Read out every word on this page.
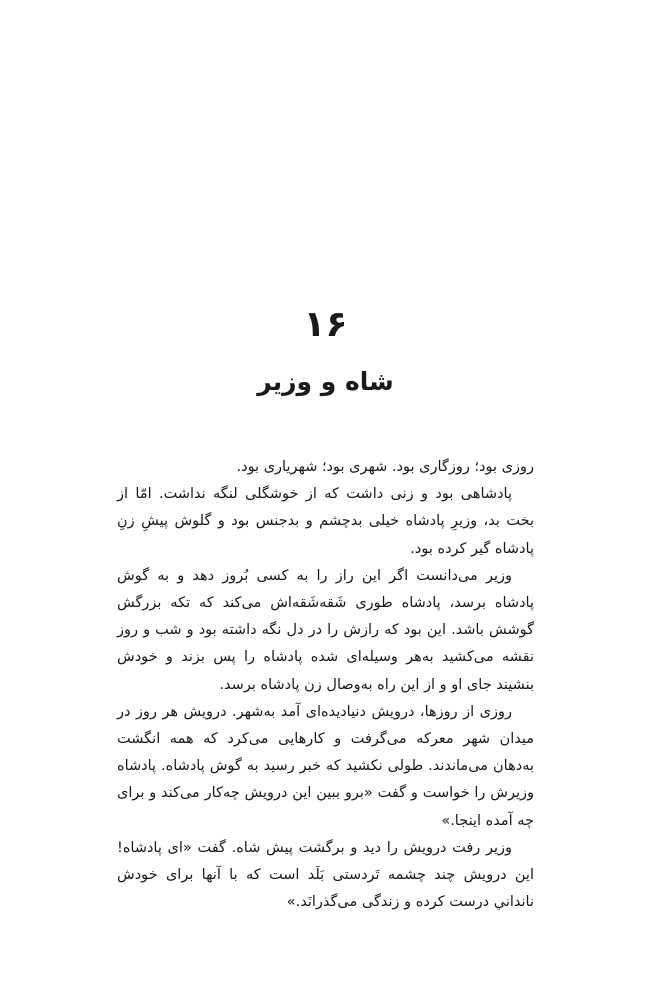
۱۶
شاه و وزیر

روزی بود؛ روزگاری بود. شهری بود؛ شهریاری بود.

پادشاهی بود و زنی داشت که از خوشگلی لنگه نداشت. امّا از بخت بد، وزیرِ پادشاه خیلی بدچشم و بدجنس بود و گلوش پیشِ زنِ پادشاه گیر کرده بود.

وزیر می‌دانست اگر این راز را به کسی بُروز دهد و به گوش پادشاه برسد، پادشاه طوری شَقه‌شَقه‌اش می‌کند که تکه بزرگش گوشش باشد. این بود که رازش را در دل نگه داشته بود و شب و روز نقشه می‌کشید به‌هر وسیله‌ای شده پادشاه را پس بزند و خودش بنشیند جای او و از این راه به‌وصال زن پادشاه برسد.

روزی از روزها، درویش دنیادیده‌ای آمد به‌شهر. درویش هر روز در میدان شهر معرکه می‌گرفت و کارهایی می‌کرد که همه انگشت به‌دهان می‌ماندند. طولی نکشید که خبر رسید به گوش پادشاه. پادشاه وزیرش را خواست و گفت «برو ببین این درویش چه‌کار می‌کند و برای چه آمده اینجا.»

وزیر رفت درویش را دید و برگشت پیش شاه. گفت «ای پادشاه! این درویش چند چشمه تَردستی بَلَد است که با آنها برای خودش نانداني درست کرده و زندگی می‌گذرانَد.»
